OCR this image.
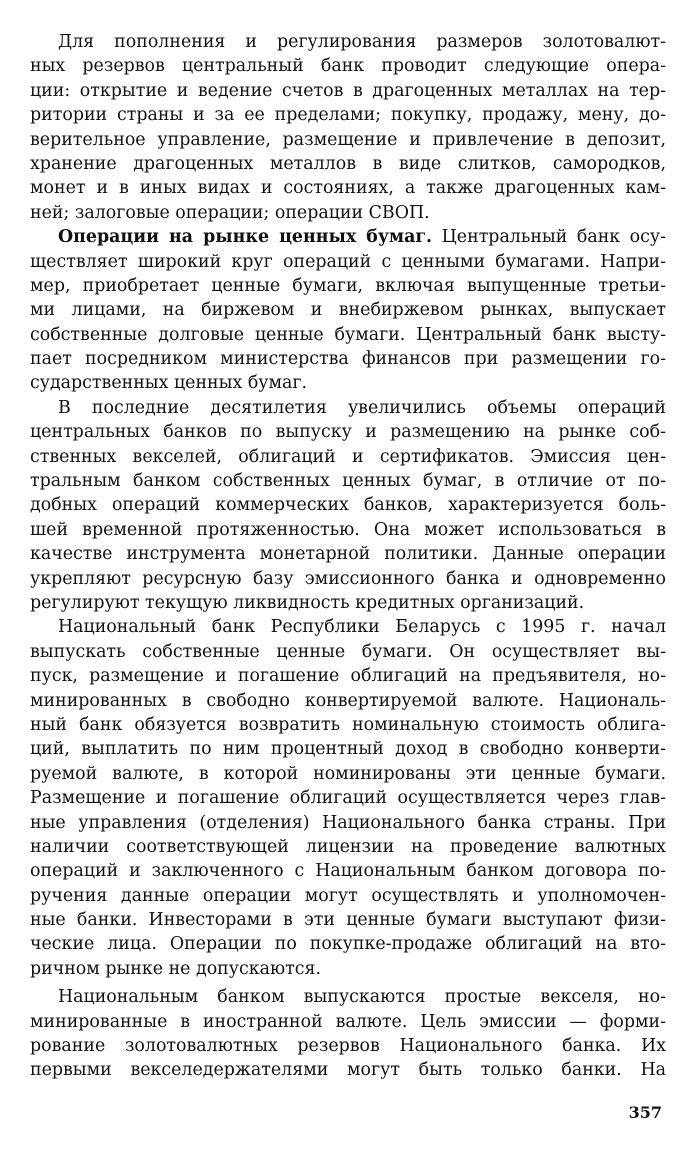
Для пополнения и регулирования размеров золотовалют-
ных резервов центральный банк проводит следующие опера-
ции: открытие и ведение счетов в драгоценных металлах на тер-
ритории страны и за ее пределами; покупку, продажу, мену, до-
верительное управление, размещение и привлечение в депозит,
хранение драгоценных металлов в виде слитков, самородков,
монет и в иных видах и состояниях, а также драгоценных кам-
ней; залоговые операции; операции СВОП.
Операции на рынке ценных бумаг. Центральный банк осу-
ществляет широкий круг операций с ценными бумагами. Напри-
мер, приобретает ценные бумаги, включая выпущенные третьи-
ми лицами, на биржевом и внебиржевом рынках, выпускает
собственные долговые ценные бумаги. Центральный банк высту-
пает посредником министерства финансов при размещении го-
сударственных ценных бумаг.
В последние десятилетия увеличились объемы операций
центральных банков по выпуску и размещению на рынке соб-
ственных векселей, облигаций и сертификатов. Эмиссия цен-
тральным банком собственных ценных бумаг, в отличие от по-
добных операций коммерческих банков, характеризуется боль-
шей временной протяженностью. Она может использоваться в
качестве инструмента монетарной политики. Данные операции
укрепляют ресурсную базу эмиссионного банка и одновременно
регулируют текущую ликвидность кредитных организаций.
Национальный банк Республики Беларусь с 1995 г. начал
выпускать собственные ценные бумаги. Он осуществляет вы-
пуск, размещение и погашение облигаций на предъявителя, но-
минированных в свободно конвертируемой валюте. Националь-
ный банк обязуется возвратить номинальную стоимость облига-
ций, выплатить по ним процентный доход в свободно конверти-
руемой валюте, в которой номинированы эти ценные бумаги.
Размещение и погашение облигаций осуществляется через глав-
ные управления (отделения) Национального банка страны. При
наличии соответствующей лицензии на проведение валютных
операций и заключенного с Национальным банком договора по-
ручения данные операции могут осуществлять и уполномочен-
ные банки. Инвесторами в эти ценные бумаги выступают физи-
ческие лица. Операции по покупке-продаже облигаций на вто-
ричном рынке не допускаются.
Национальным банком выпускаются простые векселя, но-
минированные в иностранной валюте. Цель эмиссии — форми-
рование золотовалютных резервов Национального банка. Их
первыми векселедержателями могут быть только банки. На
357
